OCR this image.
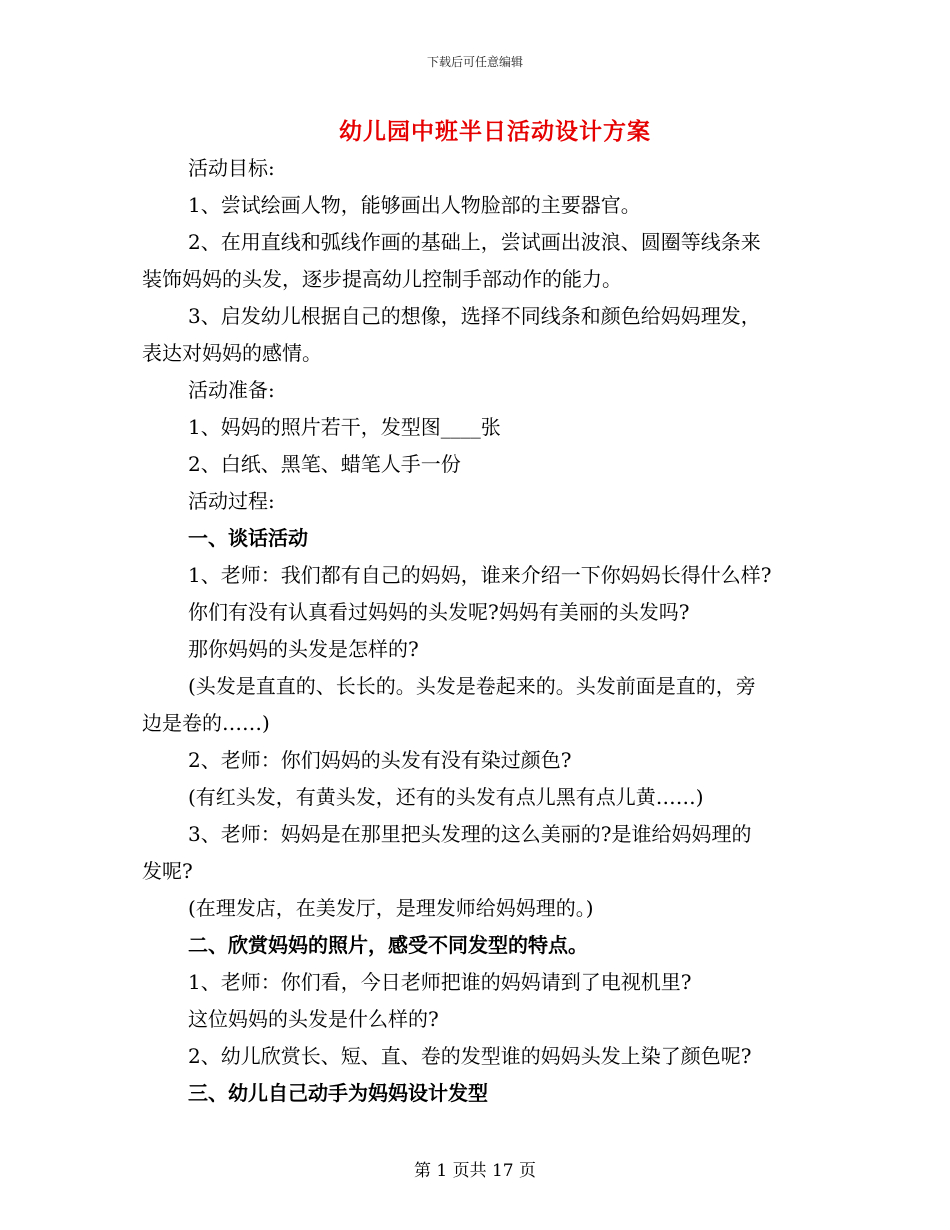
下载后可任意编辑
幼儿园中班半日活动设计方案

活动目标:

1、尝试绘画人物，能够画出人物脸部的主要器官。

2、在用直线和弧线作画的基础上，尝试画出波浪、圆圈等线条来

装饰妈妈的头发，逐步提高幼儿控制手部动作的能力。

3、启发幼儿根据自己的想像，选择不同线条和颜色给妈妈理发，

表达对妈妈的感情。

活动准备:

1、妈妈的照片若干，发型图____张

2、白纸、黑笔、蜡笔人手一份

活动过程:

一、谈话活动

1、老师：我们都有自己的妈妈，谁来介绍一下你妈妈长得什么样?

你们有没有认真看过妈妈的头发呢?妈妈有美丽的头发吗?

那你妈妈的头发是怎样的?

(头发是直直的、长长的。头发是卷起来的。头发前面是直的，旁

边是卷的……)

2、老师：你们妈妈的头发有没有染过颜色?

(有红头发，有黄头发，还有的头发有点儿黑有点儿黄……)

3、老师：妈妈是在那里把头发理的这么美丽的?是谁给妈妈理的

发呢?

(在理发店，在美发厅，是理发师给妈妈理的。)

二、欣赏妈妈的照片，感受不同发型的特点。

1、老师：你们看，今日老师把谁的妈妈请到了电视机里?

这位妈妈的头发是什么样的?

2、幼儿欣赏长、短、直、卷的发型谁的妈妈头发上染了颜色呢?

三、幼儿自己动手为妈妈设计发型

第 1 页共 17 页
